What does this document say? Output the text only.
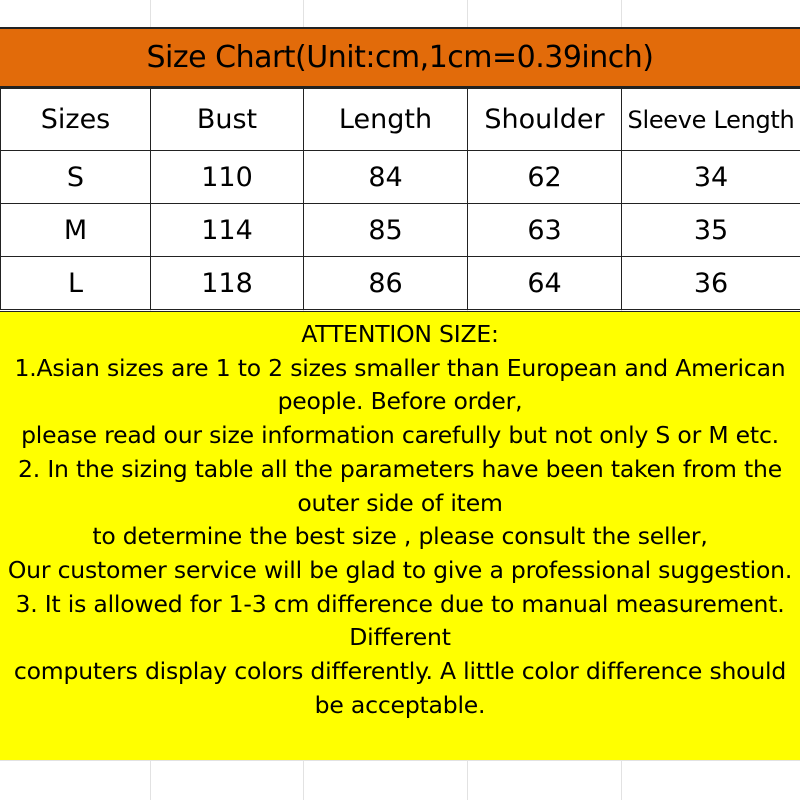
Size Chart(Unit:cm,1cm=0.39inch)
Sizes	Bust	Length	Shoulder	Sleeve Length
S	110	84	62	34
M	114	85	63	35
L	118	86	64	36
ATTENTION SIZE:
1.Asian sizes are 1 to 2 sizes smaller than European and American
people. Before order,
please read our size information carefully but not only S or M etc.
2. In the sizing table all the parameters have been taken from the
outer side of item
to determine the best size , please consult the seller,
Our customer service will be glad to give a professional suggestion.
3. It is allowed for 1-3 cm difference due to manual measurement.
Different
computers display colors differently. A little color difference should
be acceptable.
